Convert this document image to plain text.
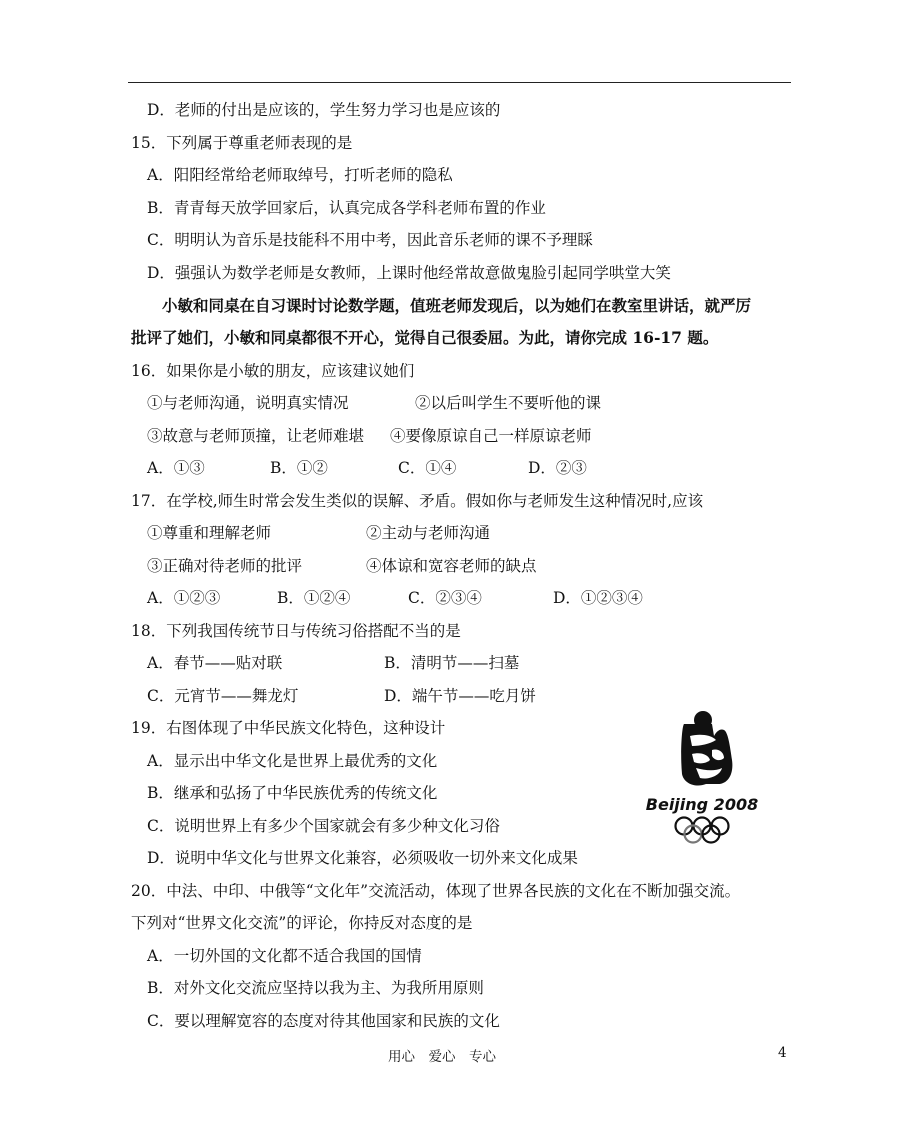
D．老师的付出是应该的，学生努力学习也是应该的
15．下列属于尊重老师表现的是
A．阳阳经常给老师取绰号，打听老师的隐私
B．青青每天放学回家后，认真完成各学科老师布置的作业
C．明明认为音乐是技能科不用中考，因此音乐老师的课不予理睬
D．强强认为数学老师是女教师，上课时他经常故意做鬼脸引起同学哄堂大笑
小敏和同桌在自习课时讨论数学题，值班老师发现后，以为她们在教室里讲话，就严厉
批评了她们，小敏和同桌都很不开心，觉得自己很委屈。为此，请你完成 16-17 题。
16．如果你是小敏的朋友，应该建议她们
①与老师沟通，说明真实情况	②以后叫学生不要听他的课
③故意与老师顶撞，让老师难堪 ④要像原谅自己一样原谅老师
A．①③	B．①②	C．①④	D．②③
17．在学校,师生时常会发生类似的误解、矛盾。假如你与老师发生这种情况时,应该
①尊重和理解老师	②主动与老师沟通
③正确对待老师的批评	④体谅和宽容老师的缺点
A．①②③	B．①②④	C．②③④	D．①②③④
18．下列我国传统节日与传统习俗搭配不当的是
A．春节——贴对联	B．清明节——扫墓
C．元宵节——舞龙灯	D．端午节——吃月饼
19．右图体现了中华民族文化特色，这种设计
A．显示出中华文化是世界上最优秀的文化
B．继承和弘扬了中华民族优秀的传统文化
C．说明世界上有多少个国家就会有多少种文化习俗
D．说明中华文化与世界文化兼容，必须吸收一切外来文化成果
20．中法、中印、中俄等“文化年”交流活动，体现了世界各民族的文化在不断加强交流。
下列对“世界文化交流”的评论，你持反对态度的是
A．一切外国的文化都不适合我国的国情
B．对外文化交流应坚持以我为主、为我所用原则
C．要以理解宽容的态度对待其他国家和民族的文化
Beijing 2008
用心　爱心　专心	4
